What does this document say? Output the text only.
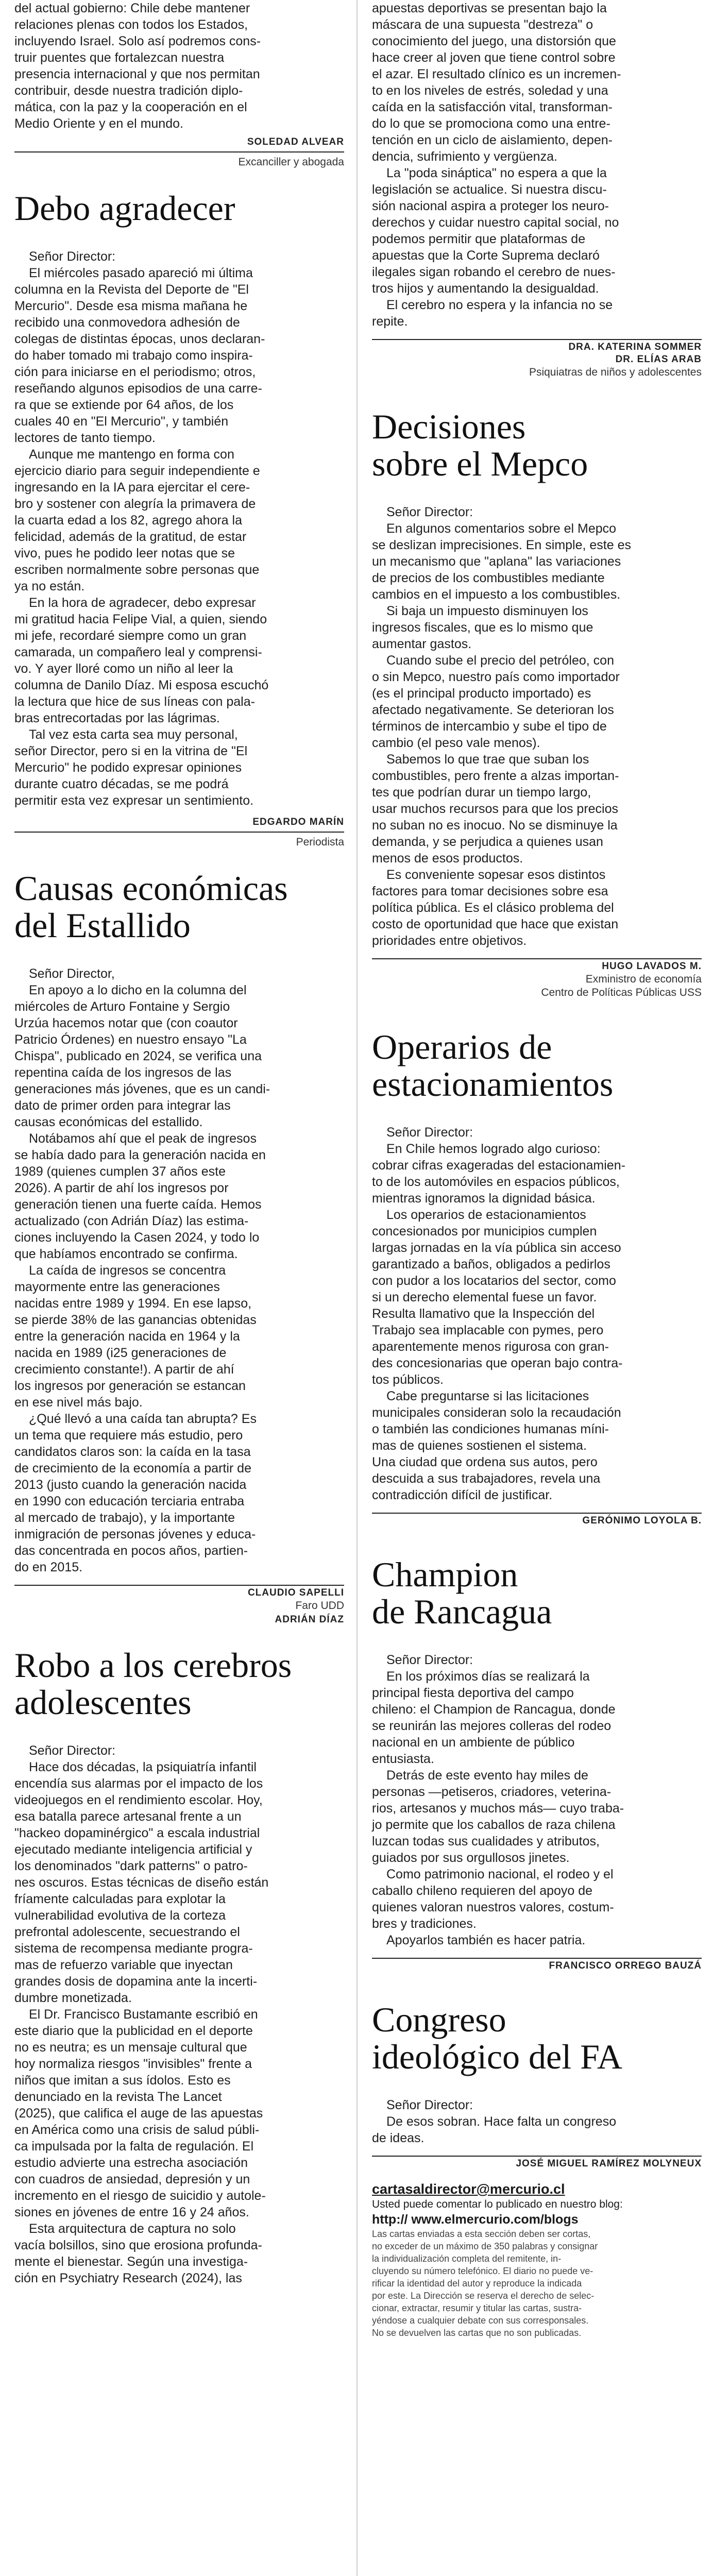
del actual gobierno: Chile debe mantener
relaciones plenas con todos los Estados,
incluyendo Israel. Solo así podremos cons-
truir puentes que fortalezcan nuestra
presencia internacional y que nos permitan
contribuir, desde nuestra tradición diplo-
mática, con la paz y la cooperación en el
Medio Oriente y en el mundo.
SOLEDAD ALVEAR
Excanciller y abogada
Debo agradecer
Señor Director:
El miércoles pasado apareció mi última
columna en la Revista del Deporte de "El
Mercurio". Desde esa misma mañana he
recibido una conmovedora adhesión de
colegas de distintas épocas, unos declaran-
do haber tomado mi trabajo como inspira-
ción para iniciarse en el periodismo; otros,
reseñando algunos episodios de una carre-
ra que se extiende por 64 años, de los
cuales 40 en "El Mercurio", y también
lectores de tanto tiempo.
Aunque me mantengo en forma con
ejercicio diario para seguir independiente e
ingresando en la IA para ejercitar el cere-
bro y sostener con alegría la primavera de
la cuarta edad a los 82, agrego ahora la
felicidad, además de la gratitud, de estar
vivo, pues he podido leer notas que se
escriben normalmente sobre personas que
ya no están.
En la hora de agradecer, debo expresar
mi gratitud hacia Felipe Vial, a quien, siendo
mi jefe, recordaré siempre como un gran
camarada, un compañero leal y comprensi-
vo. Y ayer lloré como un niño al leer la
columna de Danilo Díaz. Mi esposa escuchó
la lectura que hice de sus líneas con pala-
bras entrecortadas por las lágrimas.
Tal vez esta carta sea muy personal,
señor Director, pero si en la vitrina de "El
Mercurio" he podido expresar opiniones
durante cuatro décadas, se me podrá
permitir esta vez expresar un sentimiento.
EDGARDO MARÍN
Periodista
Causas económicas
del Estallido
Señor Director,
En apoyo a lo dicho en la columna del
miércoles de Arturo Fontaine y Sergio
Urzúa hacemos notar que (con coautor
Patricio Órdenes) en nuestro ensayo "La
Chispa", publicado en 2024, se verifica una
repentina caída de los ingresos de las
generaciones más jóvenes, que es un candi-
dato de primer orden para integrar las
causas económicas del estallido.
Notábamos ahí que el peak de ingresos
se había dado para la generación nacida en
1989 (quienes cumplen 37 años este
2026). A partir de ahí los ingresos por
generación tienen una fuerte caída. Hemos
actualizado (con Adrián Díaz) las estima-
ciones incluyendo la Casen 2024, y todo lo
que habíamos encontrado se confirma.
La caída de ingresos se concentra
mayormente entre las generaciones
nacidas entre 1989 y 1994. En ese lapso,
se pierde 38% de las ganancias obtenidas
entre la generación nacida en 1964 y la
nacida en 1989 (i25 generaciones de
crecimiento constante!). A partir de ahí
los ingresos por generación se estancan
en ese nivel más bajo.
¿Qué llevó a una caída tan abrupta? Es
un tema que requiere más estudio, pero
candidatos claros son: la caída en la tasa
de crecimiento de la economía a partir de
2013 (justo cuando la generación nacida
en 1990 con educación terciaria entraba
al mercado de trabajo), y la importante
inmigración de personas jóvenes y educa-
das concentrada en pocos años, partien-
do en 2015.
CLAUDIO SAPELLI
Faro UDD
ADRIÁN DÍAZ
Robo a los cerebros
adolescentes
Señor Director:
Hace dos décadas, la psiquiatría infantil
encendía sus alarmas por el impacto de los
videojuegos en el rendimiento escolar. Hoy,
esa batalla parece artesanal frente a un
"hackeo dopaminérgico" a escala industrial
ejecutado mediante inteligencia artificial y
los denominados "dark patterns" o patro-
nes oscuros. Estas técnicas de diseño están
fríamente calculadas para explotar la
vulnerabilidad evolutiva de la corteza
prefrontal adolescente, secuestrando el
sistema de recompensa mediante progra-
mas de refuerzo variable que inyectan
grandes dosis de dopamina ante la incerti-
dumbre monetizada.
El Dr. Francisco Bustamante escribió en
este diario que la publicidad en el deporte
no es neutra; es un mensaje cultural que
hoy normaliza riesgos "invisibles" frente a
niños que imitan a sus ídolos. Esto es
denunciado en la revista The Lancet
(2025), que califica el auge de las apuestas
en América como una crisis de salud públi-
ca impulsada por la falta de regulación. El
estudio advierte una estrecha asociación
con cuadros de ansiedad, depresión y un
incremento en el riesgo de suicidio y autole-
siones en jóvenes de entre 16 y 24 años.
Esta arquitectura de captura no solo
vacía bolsillos, sino que erosiona profunda-
mente el bienestar. Según una investiga-
ción en Psychiatry Research (2024), las
apuestas deportivas se presentan bajo la
máscara de una supuesta "destreza" o
conocimiento del juego, una distorsión que
hace creer al joven que tiene control sobre
el azar. El resultado clínico es un incremen-
to en los niveles de estrés, soledad y una
caída en la satisfacción vital, transforman-
do lo que se promociona como una entre-
tención en un ciclo de aislamiento, depen-
dencia, sufrimiento y vergüenza.
La "poda sináptica" no espera a que la
legislación se actualice. Si nuestra discu-
sión nacional aspira a proteger los neuro-
derechos y cuidar nuestro capital social, no
podemos permitir que plataformas de
apuestas que la Corte Suprema declaró
ilegales sigan robando el cerebro de nues-
tros hijos y aumentando la desigualdad.
El cerebro no espera y la infancia no se
repite.
DRA. KATERINA SOMMER
DR. ELÍAS ARAB
Psiquiatras de niños y adolescentes
Decisiones
sobre el Mepco
Señor Director:
En algunos comentarios sobre el Mepco
se deslizan imprecisiones. En simple, este es
un mecanismo que "aplana" las variaciones
de precios de los combustibles mediante
cambios en el impuesto a los combustibles.
Si baja un impuesto disminuyen los
ingresos fiscales, que es lo mismo que
aumentar gastos.
Cuando sube el precio del petróleo, con
o sin Mepco, nuestro país como importador
(es el principal producto importado) es
afectado negativamente. Se deterioran los
términos de intercambio y sube el tipo de
cambio (el peso vale menos).
Sabemos lo que trae que suban los
combustibles, pero frente a alzas importan-
tes que podrían durar un tiempo largo,
usar muchos recursos para que los precios
no suban no es inocuo. No se disminuye la
demanda, y se perjudica a quienes usan
menos de esos productos.
Es conveniente sopesar esos distintos
factores para tomar decisiones sobre esa
política pública. Es el clásico problema del
costo de oportunidad que hace que existan
prioridades entre objetivos.
HUGO LAVADOS M.
Exministro de economía
Centro de Políticas Públicas USS
Operarios de
estacionamientos
Señor Director:
En Chile hemos logrado algo curioso:
cobrar cifras exageradas del estacionamien-
to de los automóviles en espacios públicos,
mientras ignoramos la dignidad básica.
Los operarios de estacionamientos
concesionados por municipios cumplen
largas jornadas en la vía pública sin acceso
garantizado a baños, obligados a pedirlos
con pudor a los locatarios del sector, como
si un derecho elemental fuese un favor.
Resulta llamativo que la Inspección del
Trabajo sea implacable con pymes, pero
aparentemente menos rigurosa con gran-
des concesionarias que operan bajo contra-
tos públicos.
Cabe preguntarse si las licitaciones
municipales consideran solo la recaudación
o también las condiciones humanas míni-
mas de quienes sostienen el sistema.
Una ciudad que ordena sus autos, pero
descuida a sus trabajadores, revela una
contradicción difícil de justificar.
GERÓNIMO LOYOLA B.
Champion
de Rancagua
Señor Director:
En los próximos días se realizará la
principal fiesta deportiva del campo
chileno: el Champion de Rancagua, donde
se reunirán las mejores colleras del rodeo
nacional en un ambiente de público
entusiasta.
Detrás de este evento hay miles de
personas —petiseros, criadores, veterina-
rios, artesanos y muchos más— cuyo traba-
jo permite que los caballos de raza chilena
luzcan todas sus cualidades y atributos,
guiados por sus orgullosos jinetes.
Como patrimonio nacional, el rodeo y el
caballo chileno requieren del apoyo de
quienes valoran nuestros valores, costum-
bres y tradiciones.
Apoyarlos también es hacer patria.
FRANCISCO ORREGO BAUZÁ
Congreso
ideológico del FA
Señor Director:
De esos sobran. Hace falta un congreso
de ideas.
JOSÉ MIGUEL RAMÍREZ MOLYNEUX
cartasaldirector@mercurio.cl
Usted puede comentar lo publicado en nuestro blog:
http:// www.elmercurio.com/blogs
Las cartas enviadas a esta sección deben ser cortas,
no exceder de un máximo de 350 palabras y consignar
la individualización completa del remitente, in-
cluyendo su número telefónico. El diario no puede ve-
rificar la identidad del autor y reproduce la indicada
por este. La Dirección se reserva el derecho de selec-
cionar, extractar, resumir y titular las cartas, sustra-
yéndose a cualquier debate con sus corresponsales.
No se devuelven las cartas que no son publicadas.
